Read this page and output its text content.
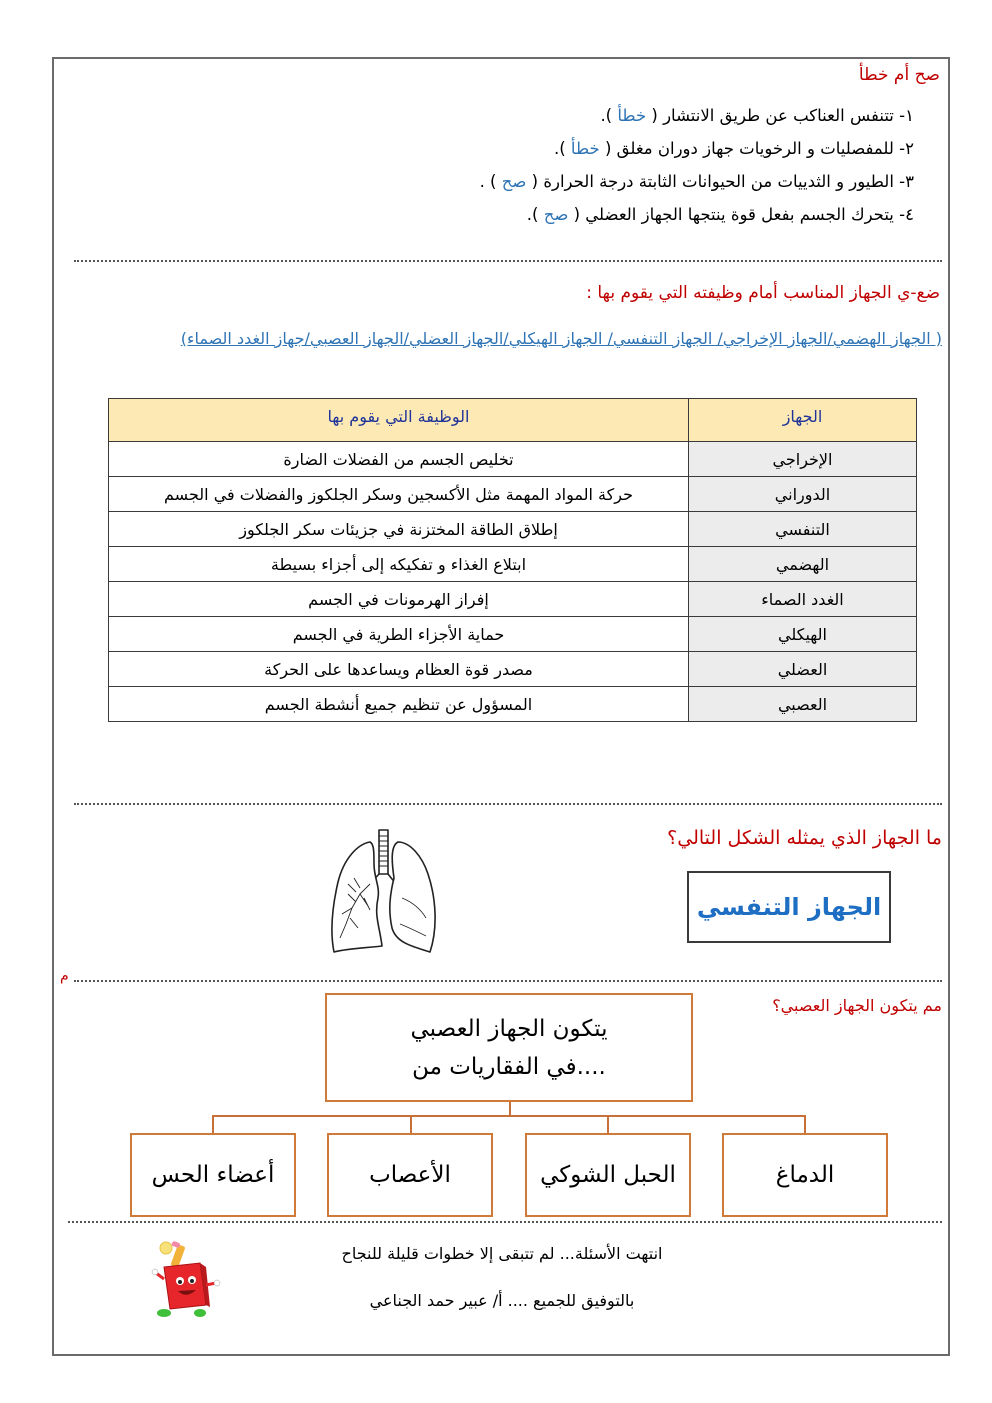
صح أم خطأ
١- تتنفس العناكب عن طريق الانتشار ( خطأ ).
٢- للمفصليات و الرخويات جهاز دوران مغلق ( خطأ ).
٣- الطيور و الثدييات من الحيوانات الثابتة درجة الحرارة ( صح ) .
٤- يتحرك الجسم بفعل قوة ينتجها الجهاز العضلي ( صح ).
ضع-ي الجهاز المناسب أمام وظيفته التي يقوم بها :
( الجهاز الهضمي/الجهاز الإخراجي/ الجهاز التنفسي/ الجهاز الهيكلي/الجهاز العضلي/الجهاز العصبي/جهاز الغدد الصماء)
الجهاز	الوظيفة التي يقوم بها
الإخراجي	تخليص الجسم من الفضلات الضارة
الدوراني	حركة المواد المهمة مثل الأكسجين وسكر الجلكوز والفضلات في الجسم
التنفسي	إطلاق الطاقة المختزنة في جزيئات سكر الجلكوز
الهضمي	ابتلاع الغذاء و تفكيكه إلى أجزاء بسيطة
الغدد الصماء	إفراز الهرمونات في الجسم
الهيكلي	حماية الأجزاء الطرية في الجسم
العضلي	مصدر قوة العظام ويساعدها على الحركة
العصبي	المسؤول عن تنظيم جميع أنشطة الجسم
ما الجهاز الذي يمثله الشكل التالي؟
الجهاز التنفسي
م
مم يتكون الجهاز العصبي؟
يتكون الجهاز العصبي
في الفقاريات من....
الدماغ
الحبل الشوكي
الأعصاب
أعضاء الحس
انتهت الأسئلة... لم تتبقى إلا خطوات قليلة للنجاح
بالتوفيق للجميع .... أ/ عبير حمد الجناعي
